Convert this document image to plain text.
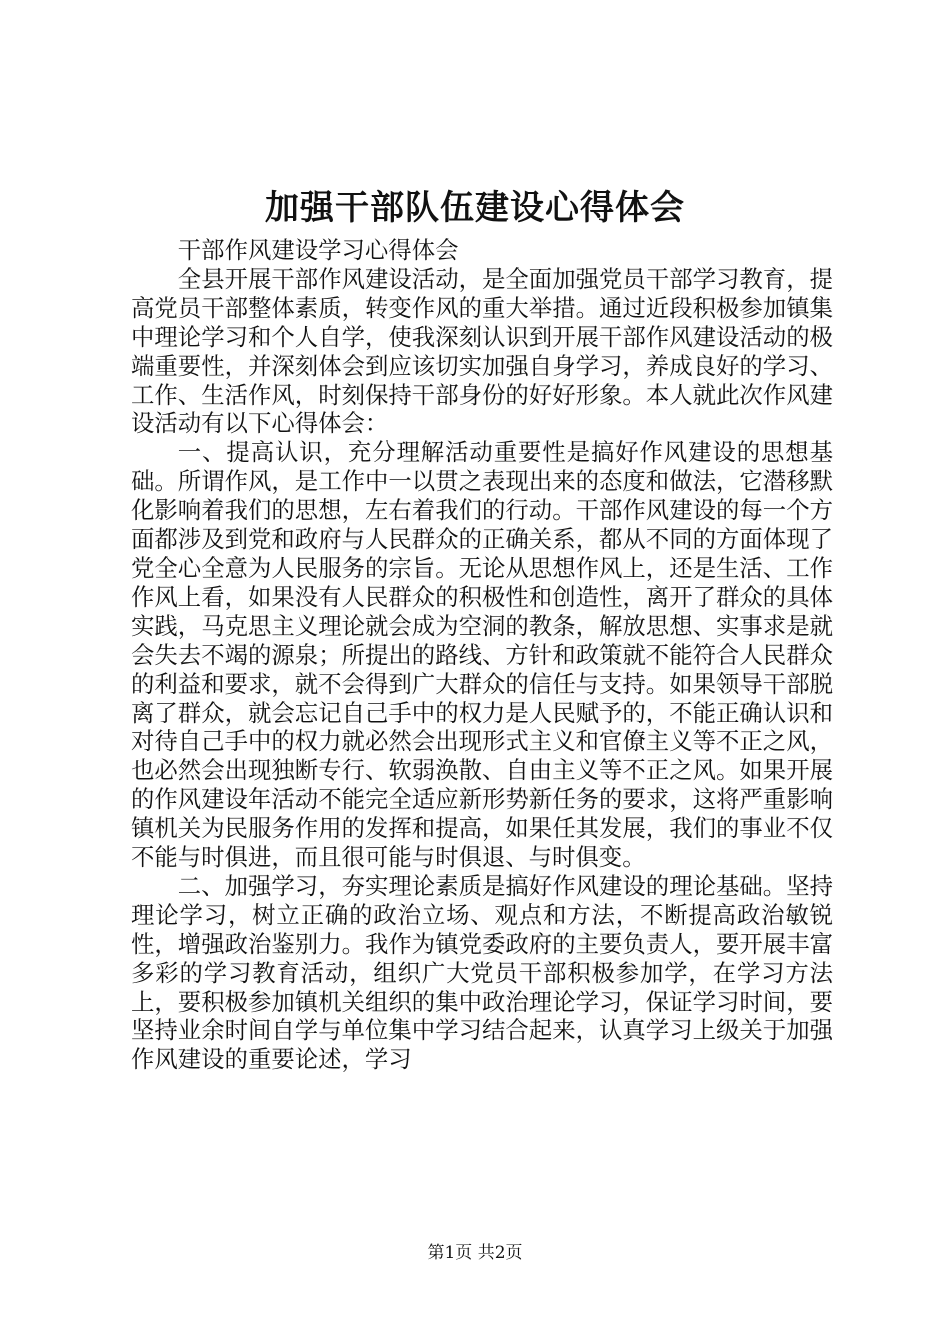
加强干部队伍建设心得体会

干部作风建设学习心得体会

全县开展干部作风建设活动，是全面加强党员干部学习教育，提高党员干部整体素质，转变作风的重大举措。通过近段积极参加镇集中理论学习和个人自学，使我深刻认识到开展干部作风建设活动的极端重要性，并深刻体会到应该切实加强自身学习，养成良好的学习、工作、生活作风，时刻保持干部身份的好好形象。本人就此次作风建设活动有以下心得体会：

一、提高认识，充分理解活动重要性是搞好作风建设的思想基础。所谓作风，是工作中一以贯之表现出来的态度和做法，它潜移默化影响着我们的思想，左右着我们的行动。干部作风建设的每一个方面都涉及到党和政府与人民群众的正确关系，都从不同的方面体现了党全心全意为人民服务的宗旨。无论从思想作风上，还是生活、工作作风上看，如果没有人民群众的积极性和创造性，离开了群众的具体实践，马克思主义理论就会成为空洞的教条，解放思想、实事求是就会失去不竭的源泉；所提出的路线、方针和政策就不能符合人民群众的利益和要求，就不会得到广大群众的信任与支持。如果领导干部脱离了群众，就会忘记自己手中的权力是人民赋予的，不能正确认识和对待自己手中的权力就必然会出现形式主义和官僚主义等不正之风，也必然会出现独断专行、软弱涣散、自由主义等不正之风。如果开展的作风建设年活动不能完全适应新形势新任务的要求，这将严重影响镇机关为民服务作用的发挥和提高，如果任其发展，我们的事业不仅不能与时俱进，而且很可能与时俱退、与时俱变。

二、加强学习，夯实理论素质是搞好作风建设的理论基础。坚持理论学习，树立正确的政治立场、观点和方法，不断提高政治敏锐性，增强政治鉴别力。我作为镇党委政府的主要负责人，要开展丰富多彩的学习教育活动，组织广大党员干部积极参加学，在学习方法上，要积极参加镇机关组织的集中政治理论学习，保证学习时间，要坚持业余时间自学与单位集中学习结合起来，认真学习上级关于加强作风建设的重要论述，学习

第1页 共2页
